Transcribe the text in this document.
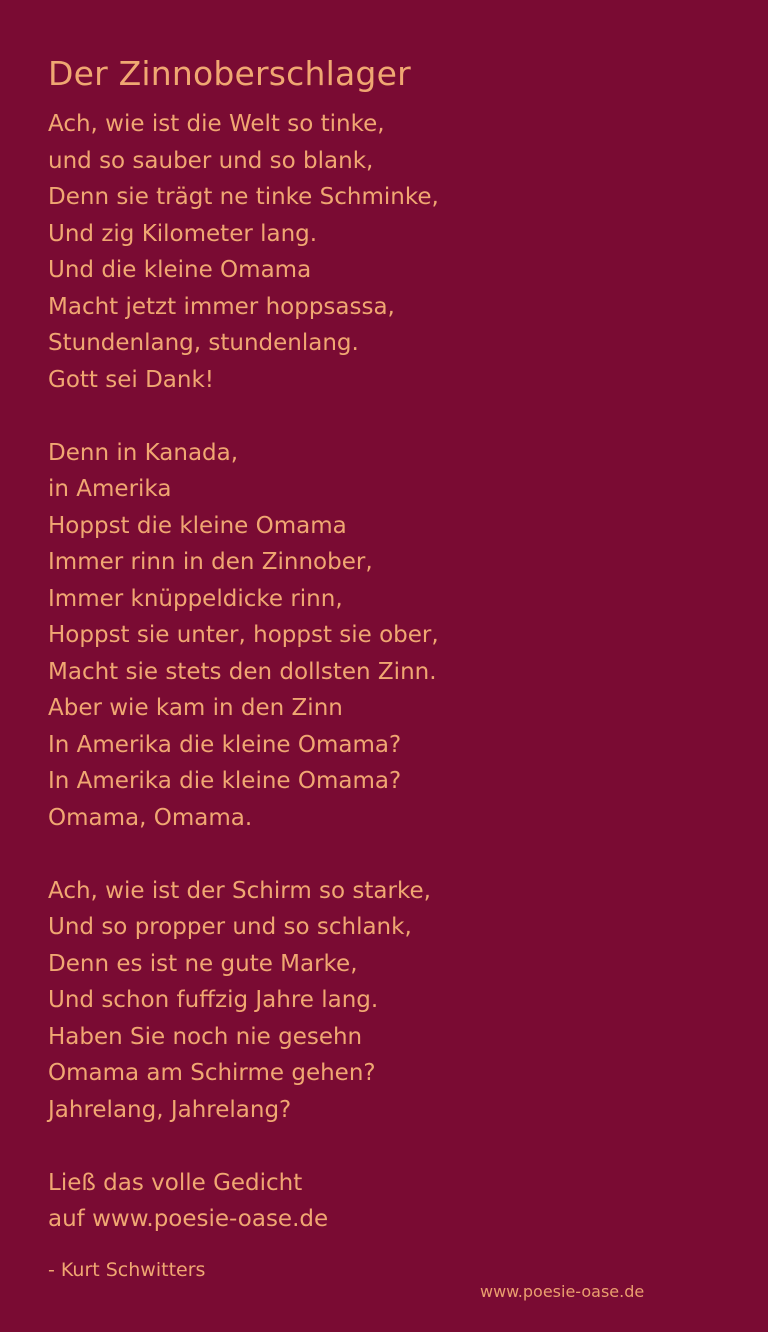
Der Zinnoberschlager
Ach, wie ist die Welt so tinke,
und so sauber und so blank,
Denn sie trägt ne tinke Schminke,
Und zig Kilometer lang.
Und die kleine Omama
Macht jetzt immer hoppsassa,
Stundenlang, stundenlang.
Gott sei Dank!
Denn in Kanada,
in Amerika
Hoppst die kleine Omama
Immer rinn in den Zinnober,
Immer knüppeldicke rinn,
Hoppst sie unter, hoppst sie ober,
Macht sie stets den dollsten Zinn.
Aber wie kam in den Zinn
In Amerika die kleine Omama?
In Amerika die kleine Omama?
Omama, Omama.
Ach, wie ist der Schirm so starke,
Und so propper und so schlank,
Denn es ist ne gute Marke,
Und schon fuffzig Jahre lang.
Haben Sie noch nie gesehn
Omama am Schirme gehen?
Jahrelang, Jahrelang?
Ließ das volle Gedicht
auf www.poesie-oase.de
- Kurt Schwitters
www.poesie-oase.de
